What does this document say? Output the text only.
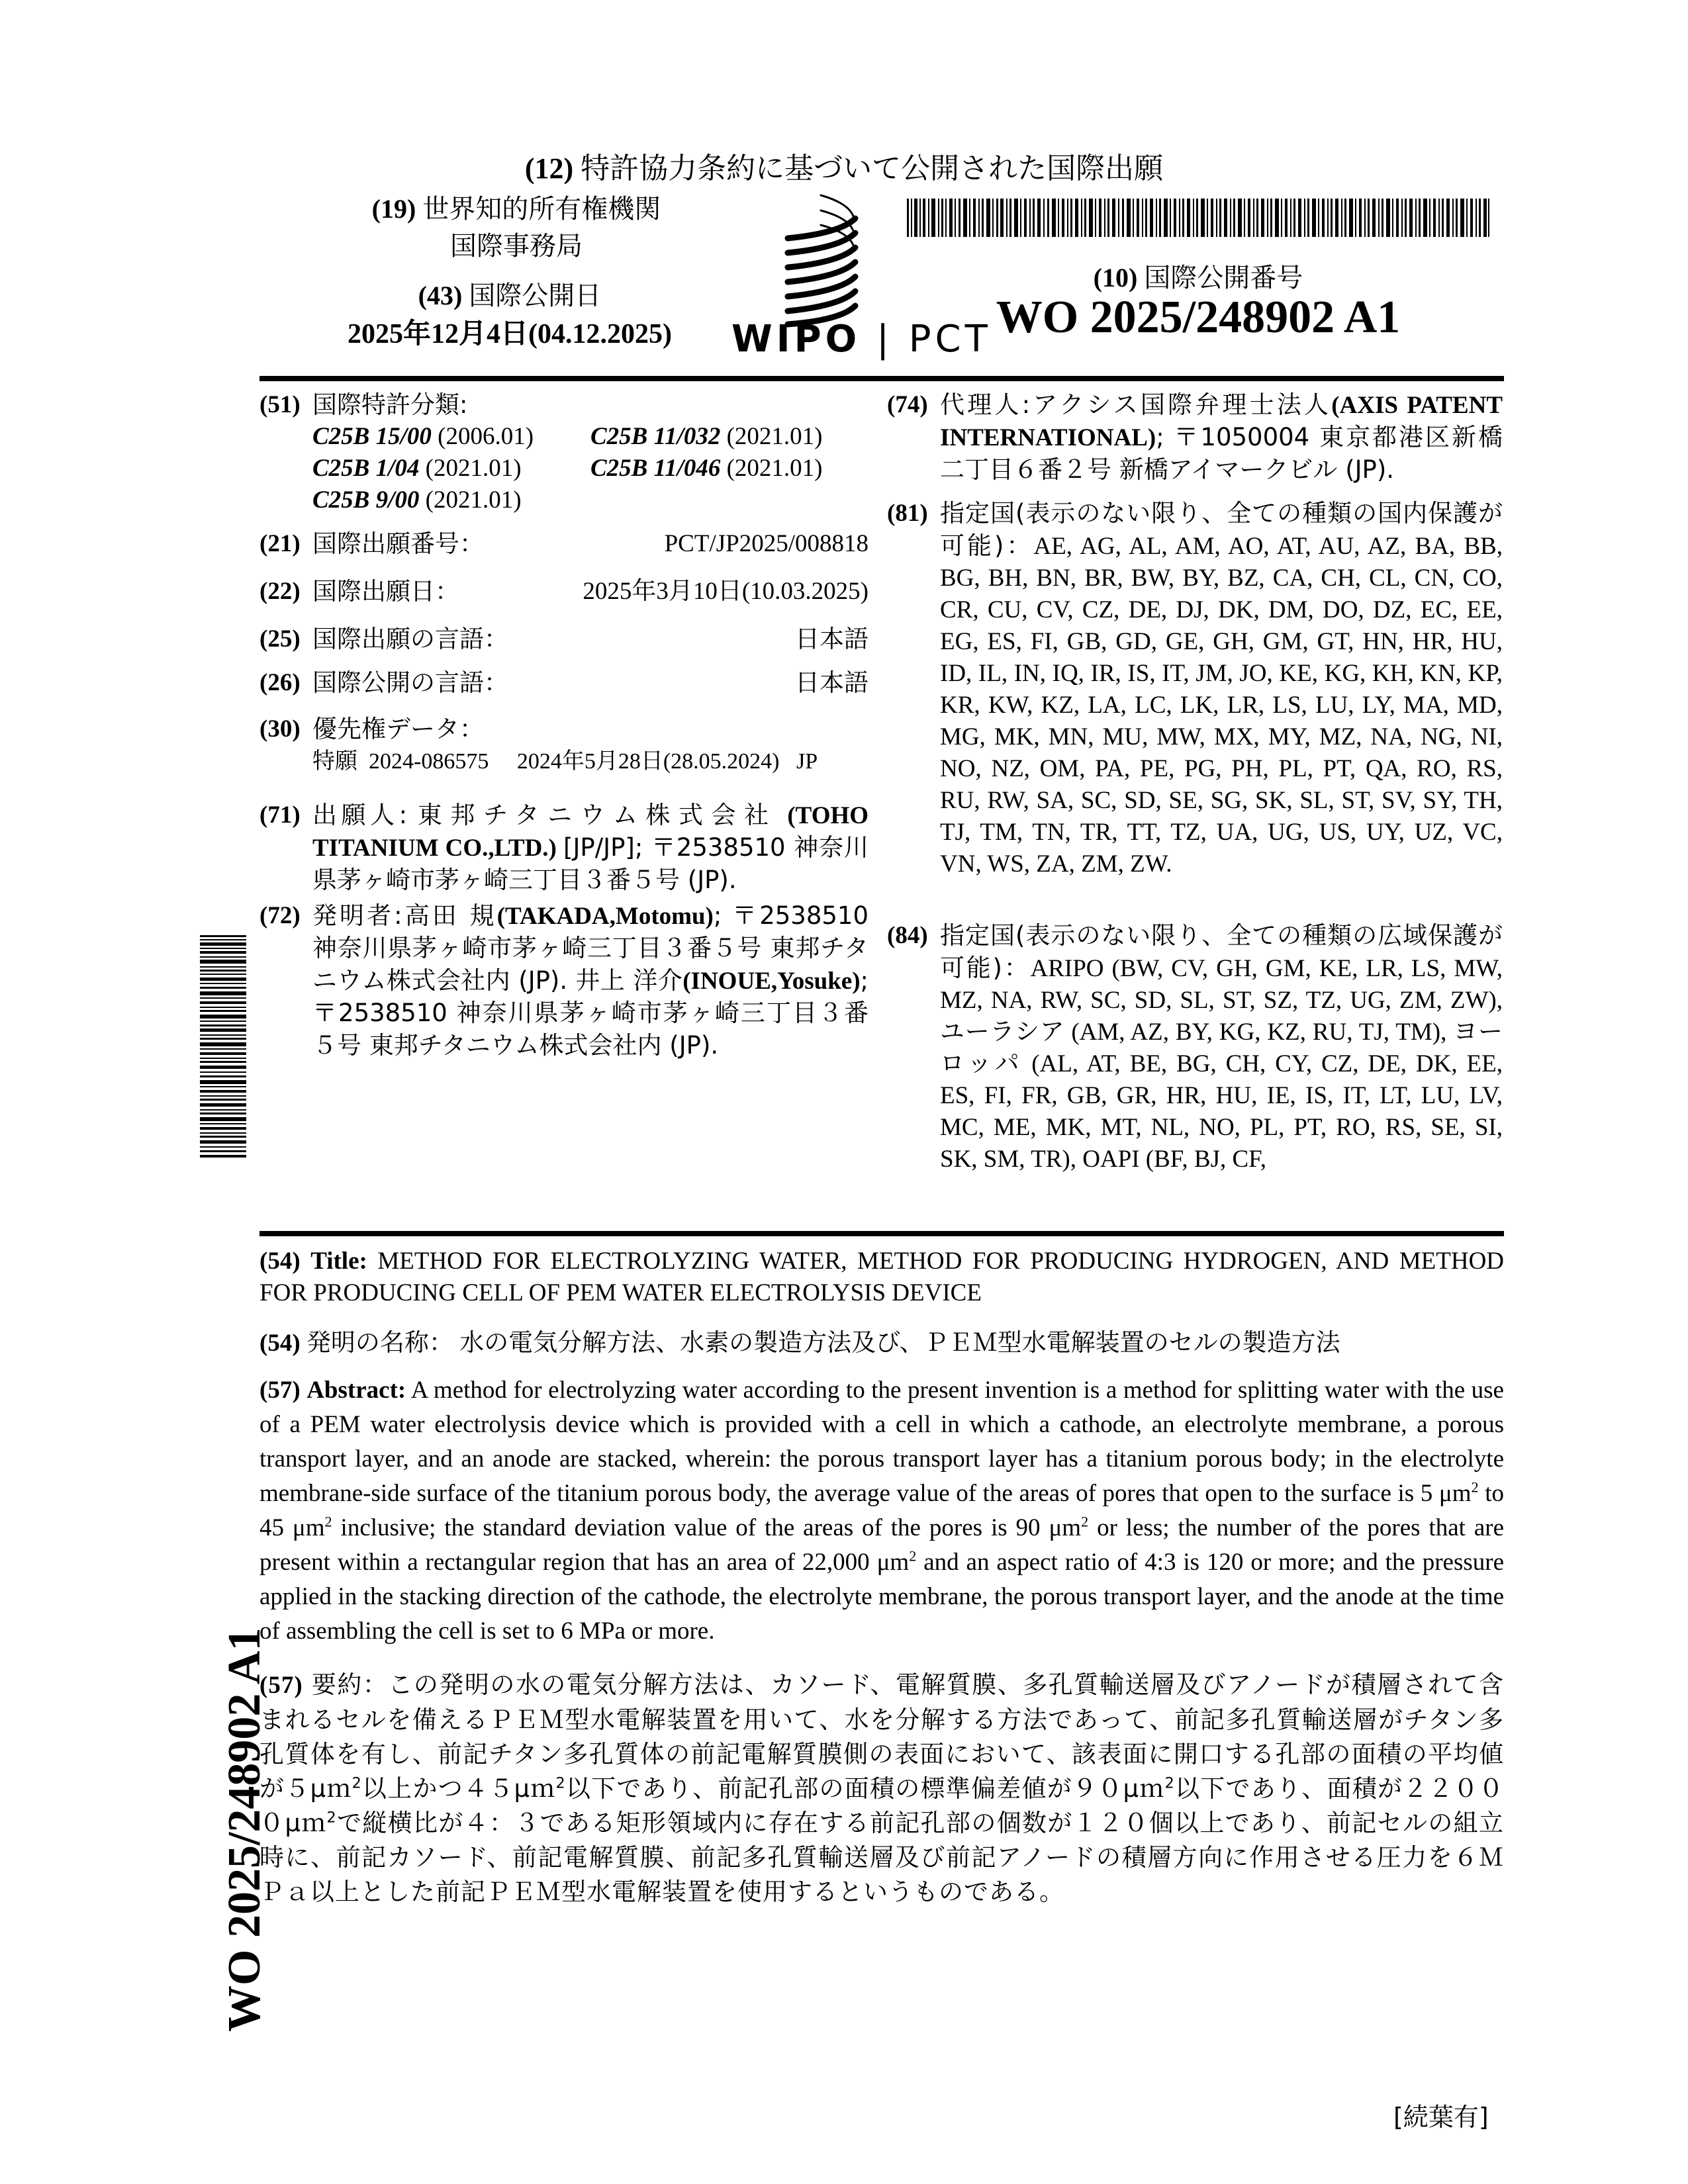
(12) 特許協力条約に基づいて公開された国際出願
(19) 世界知的所有権機関
国際事務局
(43) 国際公開日
2025年12月4日(04.12.2025)	WIPO | PCT
(10) 国際公開番号
WO 2025/248902 A1
(51) 国際特許分類:
C25B 15/00 (2006.01)	C25B 11/032 (2021.01)
C25B 1/04 (2021.01)	C25B 11/046 (2021.01)
C25B 9/00 (2021.01)
(21) 国際出願番号：	PCT/JP2025/008818
(22) 国際出願日：	2025年3月10日(10.03.2025)
(25) 国際出願の言語：	日本語
(26) 国際公開の言語：	日本語
(30) 優先権データ：
特願 2024-086575 2024年5月28日(28.05.2024) JP
(71) 出願人: 東邦チタニウム株式会社 (TOHO TITANIUM CO.,LTD.) [JP/JP]; 〒2538510 神奈川県茅ヶ崎市茅ヶ崎三丁目３番５号 (JP).
(72) 発明者:高田 規(TAKADA,Motomu); 〒2538510 神奈川県茅ヶ崎市茅ヶ崎三丁目３番５号 東邦チタニウム株式会社内 (JP). 井上 洋介(INOUE,Yosuke); 〒2538510 神奈川県茅ヶ崎市茅ヶ崎三丁目３番５号 東邦チタニウム株式会社内 (JP).
(74) 代理人:アクシス国際弁理士法人(AXIS PATENT INTERNATIONAL); 〒1050004 東京都港区新橋二丁目６番２号 新橋アイマークビル (JP).
(81) 指定国(表示のない限り、全ての種類の国内保護が可能)：AE, AG, AL, AM, AO, AT, AU, AZ, BA, BB, BG, BH, BN, BR, BW, BY, BZ, CA, CH, CL, CN, CO, CR, CU, CV, CZ, DE, DJ, DK, DM, DO, DZ, EC, EE, EG, ES, FI, GB, GD, GE, GH, GM, GT, HN, HR, HU, ID, IL, IN, IQ, IR, IS, IT, JM, JO, KE, KG, KH, KN, KP, KR, KW, KZ, LA, LC, LK, LR, LS, LU, LY, MA, MD, MG, MK, MN, MU, MW, MX, MY, MZ, NA, NG, NI, NO, NZ, OM, PA, PE, PG, PH, PL, PT, QA, RO, RS, RU, RW, SA, SC, SD, SE, SG, SK, SL, ST, SV, SY, TH, TJ, TM, TN, TR, TT, TZ, UA, UG, US, UY, UZ, VC, VN, WS, ZA, ZM, ZW.
(84) 指定国(表示のない限り、全ての種類の広域保護が可能)：ARIPO (BW, CV, GH, GM, KE, LR, LS, MW, MZ, NA, RW, SC, SD, SL, ST, SZ, TZ, UG, ZM, ZW), ユーラシア (AM, AZ, BY, KG, KZ, RU, TJ, TM), ヨーロッパ (AL, AT, BE, BG, CH, CY, CZ, DE, DK, EE, ES, FI, FR, GB, GR, HR, HU, IE, IS, IT, LT, LU, LV, MC, ME, MK, MT, NL, NO, PL, PT, RO, RS, SE, SI, SK, SM, TR), OAPI (BF, BJ, CF,
(54) Title: METHOD FOR ELECTROLYZING WATER, METHOD FOR PRODUCING HYDROGEN, AND METHOD FOR PRODUCING CELL OF PEM WATER ELECTROLYSIS DEVICE
(54) 発明の名称： 水の電気分解方法、水素の製造方法及び、ＰＥＭ型水電解装置のセルの製造方法
(57) Abstract: A method for electrolyzing water according to the present invention is a method for splitting water with the use of a PEM water electrolysis device which is provided with a cell in which a cathode, an electrolyte membrane, a porous transport layer, and an anode are stacked, wherein: the porous transport layer has a titanium porous body; in the electrolyte membrane-side surface of the titanium porous body, the average value of the areas of pores that open to the surface is 5 $\mu m^2$ to 45 $\mu m^2$ inclusive; the standard deviation value of the areas of the pores is 90 $\mu m^2$ or less; the number of the pores that are present within a rectangular region that has an area of 22,000 $\mu m^2$ and an aspect ratio of 4:3 is 120 or more; and the pressure applied in the stacking direction of the cathode, the electrolyte membrane, the porous transport layer, and the anode at the time of assembling the cell is set to 6 MPa or more.
(57) 要約：この発明の水の電気分解方法は、カソード、電解質膜、多孔質輸送層及びアノードが積層されて含まれるセルを備えるＰＥＭ型水電解装置を用いて、水を分解する方法であって、前記多孔質輸送層がチタン多孔質体を有し、前記チタン多孔質体の前記電解質膜側の表面において、該表面に開口する孔部の面積の平均値が５μｍ$^2$以上かつ４５μｍ$^2$以下であり、前記孔部の面積の標準偏差値が９０μｍ$^2$以下であり、面積が２２０００μｍ$^2$で縦横比が４：３である矩形領域内に存在する前記孔部の個数が１２０個以上であり、前記セルの組立時に、前記カソード、前記電解質膜、前記多孔質輸送層及び前記アノードの積層方向に作用させる圧力を６ＭＰａ以上とした前記ＰＥＭ型水電解装置を使用するというものである。
WO 2025/248902 A1
[続葉有]
